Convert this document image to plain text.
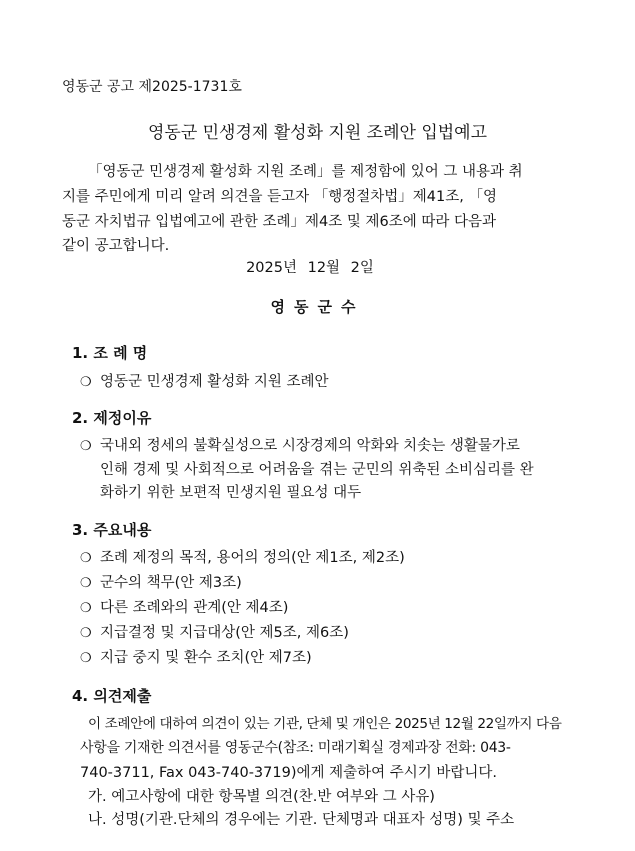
영동군 공고 제2025-1731호
영동군 민생경제 활성화 지원 조례안 입법예고
「영동군 민생경제 활성화 지원 조례」를 제정함에 있어 그 내용과 취
지를 주민에게 미리 알려 의견을 듣고자 「행정절차법」제41조, 「영
동군 자치법규 입법예고에 관한 조례」제4조 및 제6조에 따라 다음과
같이 공고합니다.
2025년 12월 2일
영동군수
1. 조 례 명
❍ 영동군 민생경제 활성화 지원 조례안
2. 제정이유
❍ 국내외 정세의 불확실성으로 시장경제의 악화와 치솟는 생활물가로
인해 경제 및 사회적으로 어려움을 겪는 군민의 위축된 소비심리를 완
화하기 위한 보편적 민생지원 필요성 대두
3. 주요내용
❍ 조례 제정의 목적, 용어의 정의(안 제1조, 제2조)
❍ 군수의 책무(안 제3조)
❍ 다른 조례와의 관계(안 제4조)
❍ 지급결정 및 지급대상(안 제5조, 제6조)
❍ 지급 중지 및 환수 조치(안 제7조)
4. 의견제출
이 조례안에 대하여 의견이 있는 기관, 단체 및 개인은 2025년 12월 22일까지 다음
사항을 기재한 의견서를 영동군수(참조: 미래기획실 경제과장 전화: 043-
740-3711, Fax 043-740-3719)에게 제출하여 주시기 바랍니다.
가. 예고사항에 대한 항목별 의견(찬.반 여부와 그 사유)
나. 성명(기관.단체의 경우에는 기관. 단체명과 대표자 성명) 및 주소
